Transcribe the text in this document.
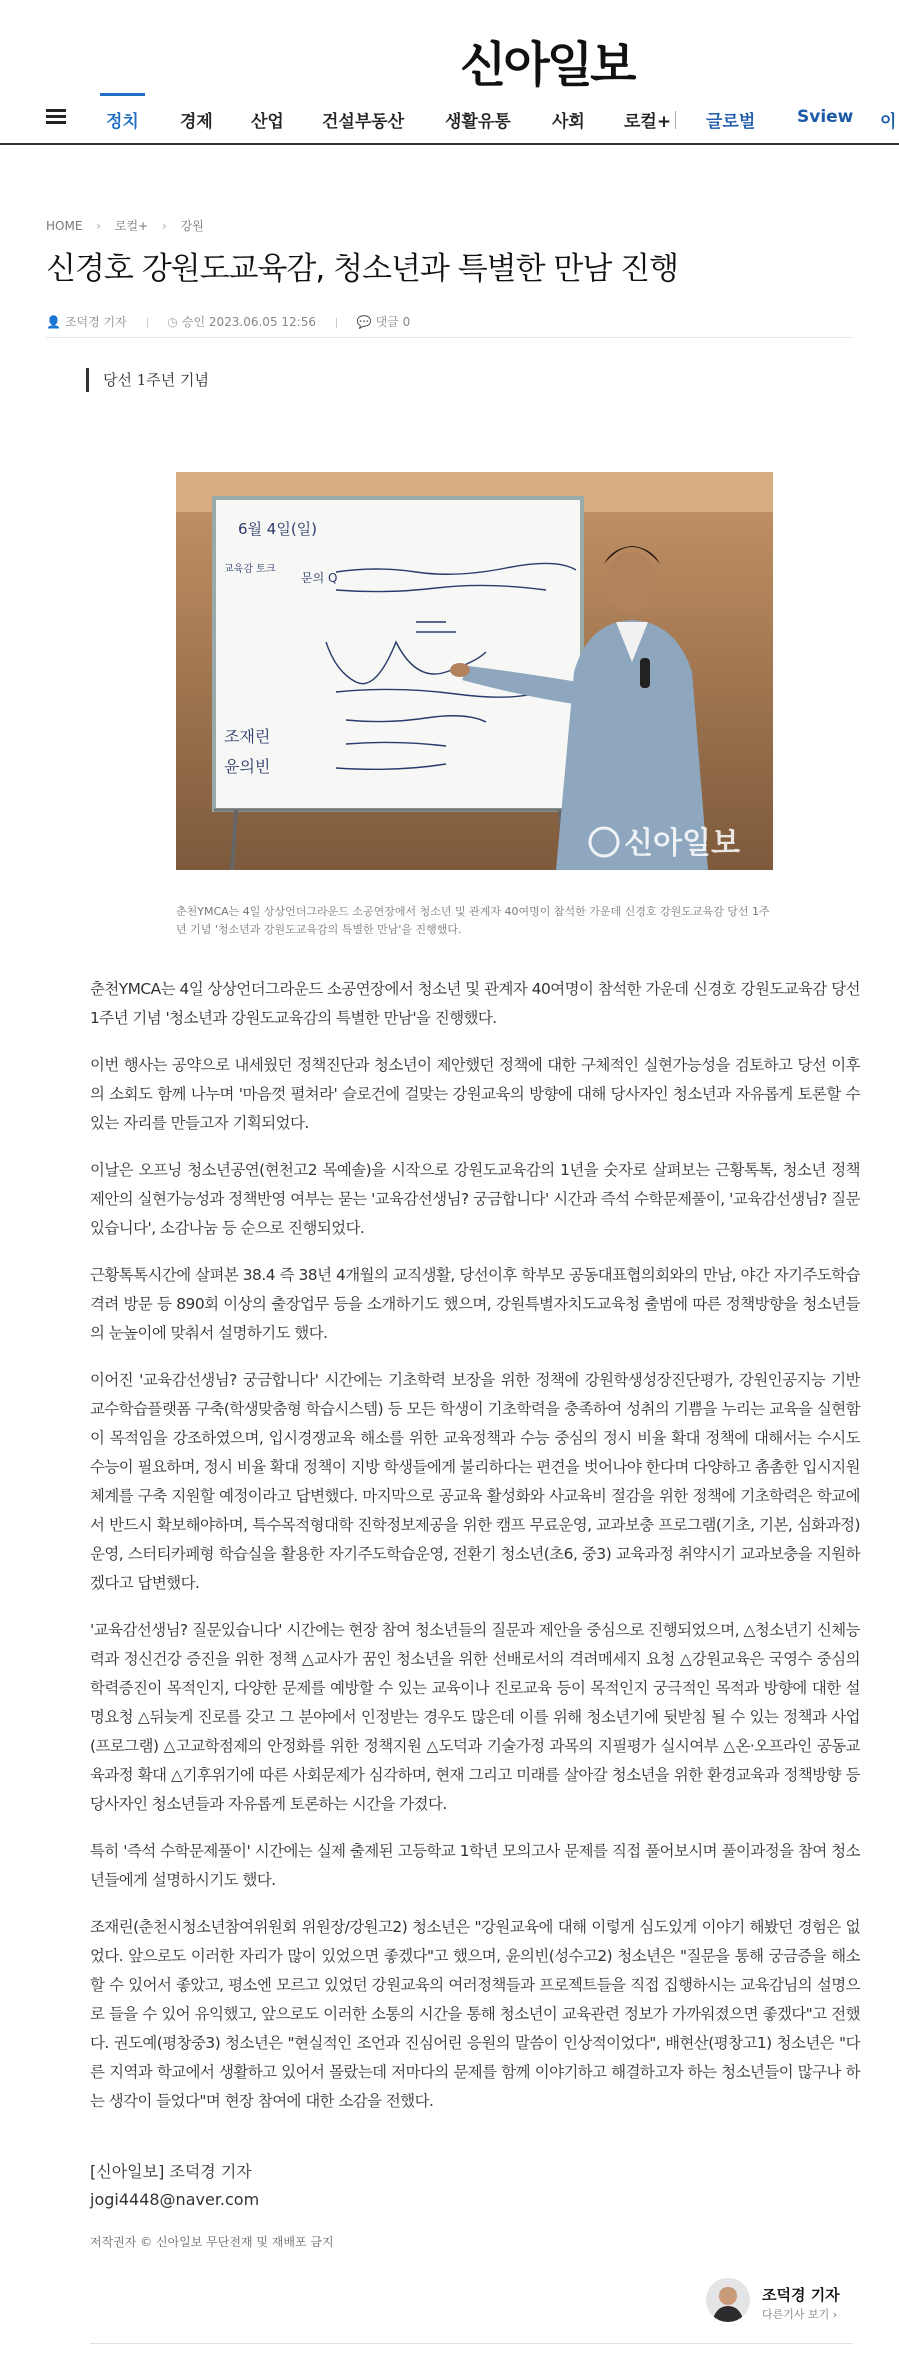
신아일보
정치 경제 산업 건설부동산 생활유통 사회 로컬+ 글로벌 Sview 이
HOME › 로컬+ › 강원
신경호 강원도교육감, 청소년과 특별한 만남 진행
👤 조덕경 기자	◷ 승인 2023.06.05 12:56	💬 댓글 0
당선 1주년 기념
6월 4일(일)
교육감 토크
문의 Q
조재린
윤의빈
신아일보
춘천YMCA는 4일 상상언더그라운드 소공연장에서 청소년 및 관계자 40여명이 참석한 가운데 신경호 강원도교육감 당선 1주년 기념 '청소년과 강원도교육감의 특별한 만남'을 진행했다.

춘천YMCA는 4일 상상언더그라운드 소공연장에서 청소년 및 관계자 40여명이 참석한 가운데 신경호 강원도교육감 당선 1주년 기념 '청소년과 강원도교육감의 특별한 만남'을 진행했다.

이번 행사는 공약으로 내세웠던 정책진단과 청소년이 제안했던 정책에 대한 구체적인 실현가능성을 검토하고 당선 이후의 소회도 함께 나누며 '마음껏 펼쳐라' 슬로건에 걸맞는 강원교육의 방향에 대해 당사자인 청소년과 자유롭게 토론할 수 있는 자리를 만들고자 기획되었다.

이날은 오프닝 청소년공연(현천고2 목예솔)을 시작으로 강원도교육감의 1년을 숫자로 살펴보는 근황톡톡, 청소년 정책제안의 실현가능성과 정책반영 여부는 묻는 '교육감선생님? 궁금합니다' 시간과 즉석 수학문제풀이, '교육감선생님? 질문있습니다', 소감나눔 등 순으로 진행되었다.

근황톡톡시간에 살펴본 38.4 즉 38년 4개월의 교직생활, 당선이후 학부모 공동대표협의회와의 만남, 야간 자기주도학습 격려 방문 등 890회 이상의 출장업무 등을 소개하기도 했으며, 강원특별자치도교육청 출범에 따른 정책방향을 청소년들의 눈높이에 맞춰서 설명하기도 했다.

이어진 '교육감선생님? 궁금합니다' 시간에는 기초학력 보장을 위한 정책에 강원학생성장진단평가, 강원인공지능 기반 교수학습플랫폼 구축(학생맞춤형 학습시스템) 등 모든 학생이 기초학력을 충족하여 성취의 기쁨을 누리는 교육을 실현함이 목적임을 강조하였으며, 입시경쟁교육 해소를 위한 교육정책과 수능 중심의 정시 비율 확대 정책에 대해서는 수시도 수능이 필요하며, 정시 비율 확대 정책이 지방 학생들에게 불리하다는 편견을 벗어나야 한다며 다양하고 촘촘한 입시지원체계를 구축 지원할 예정이라고 답변했다. 마지막으로 공교육 활성화와 사교육비 절감을 위한 정책에 기초학력은 학교에서 반드시 확보해야하며, 특수목적형대학 진학정보제공을 위한 캠프 무료운영, 교과보충 프로그램(기초, 기본, 심화과정)운영, 스터티카페형 학습실을 활용한 자기주도학습운영, 전환기 청소년(초6, 중3) 교육과정 취약시기 교과보충을 지원하겠다고 답변했다.

'교육감선생님? 질문있습니다' 시간에는 현장 참여 청소년들의 질문과 제안을 중심으로 진행되었으며, △청소년기 신체능력과 정신건강 증진을 위한 정책 △교사가 꿈인 청소년을 위한 선배로서의 격려메세지 요청 △강원교육은 국영수 중심의 학력증진이 목적인지, 다양한 문제를 예방할 수 있는 교육이나 진로교육 등이 목적인지 궁극적인 목적과 방향에 대한 설명요청 △뒤늦게 진로를 갖고 그 분야에서 인정받는 경우도 많은데 이를 위해 청소년기에 뒷받침 될 수 있는 정책과 사업(프로그램) △고교학점제의 안정화를 위한 정책지원 △도덕과 기술가정 과목의 지필평가 실시여부 △온·오프라인 공동교육과정 확대 △기후위기에 따른 사회문제가 심각하며, 현재 그리고 미래를 살아갈 청소년을 위한 환경교육과 정책방향 등 당사자인 청소년들과 자유롭게 토론하는 시간을 가졌다.

특히 '즉석 수학문제풀이' 시간에는 실제 출제된 고등학교 1학년 모의고사 문제를 직접 풀어보시며 풀이과정을 참여 청소년들에게 설명하시기도 했다.

조재린(춘천시청소년참여위원회 위원장/강원고2) 청소년은 "강원교육에 대해 이렇게 심도있게 이야기 해봤던 경험은 없었다. 앞으로도 이러한 자리가 많이 있었으면 좋겠다"고 했으며, 윤의빈(성수고2) 청소년은 "질문을 통해 궁금증을 해소할 수 있어서 좋았고, 평소엔 모르고 있었던 강원교육의 여러정책들과 프로젝트들을 직접 집행하시는 교육감님의 설명으로 들을 수 있어 유익했고, 앞으로도 이러한 소통의 시간을 통해 청소년이 교육관련 정보가 가까워졌으면 좋겠다"고 전했다. 권도예(평창중3) 청소년은 "현실적인 조언과 진심어린 응원의 말씀이 인상적이었다", 배현산(평창고1) 청소년은 "다른 지역과 학교에서 생활하고 있어서 몰랐는데 저마다의 문제를 함께 이야기하고 해결하고자 하는 청소년들이 많구나 하는 생각이 들었다"며 현장 참여에 대한 소감을 전했다.

[신아일보] 조덕경 기자
jogi4448@naver.com
저작권자 © 신아일보 무단전재 및 재배포 금지
조덕경 기자
다른기사 보기 ›
